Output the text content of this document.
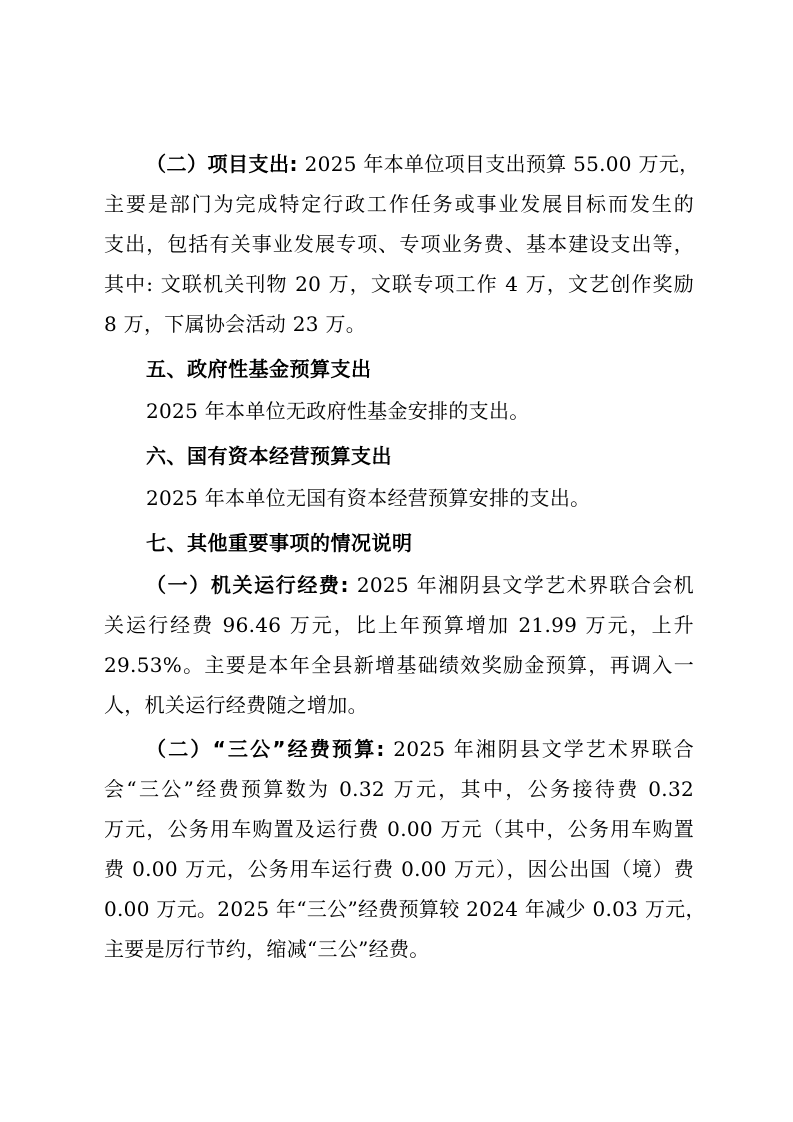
（二）项目支出: 2025 年本单位项目支出预算 55.00 万元，
主要是部门为完成特定行政工作任务或事业发展目标而发生的
支出，包括有关事业发展专项、专项业务费、基本建设支出等，
其中: 文联机关刊物 20 万，文联专项工作 4 万，文艺创作奖励
8 万，下属协会活动 23 万。
五、政府性基金预算支出
2025 年本单位无政府性基金安排的支出。
六、国有资本经营预算支出
2025 年本单位无国有资本经营预算安排的支出。
七、其他重要事项的情况说明
（一）机关运行经费: 2025 年湘阴县文学艺术界联合会机
关运行经费 96.46 万元，比上年预算增加 21.99 万元，上升
29.53%。主要是本年全县新增基础绩效奖励金预算，再调入一
人，机关运行经费随之增加。
（二）“三公”经费预算: 2025 年湘阴县文学艺术界联合
会“三公”经费预算数为 0.32 万元，其中，公务接待费 0.32
万元，公务用车购置及运行费 0.00 万元（其中，公务用车购置
费 0.00 万元，公务用车运行费 0.00 万元），因公出国（境）费
0.00 万元。2025 年“三公”经费预算较 2024 年减少 0.03 万元，
主要是厉行节约，缩减“三公”经费。
